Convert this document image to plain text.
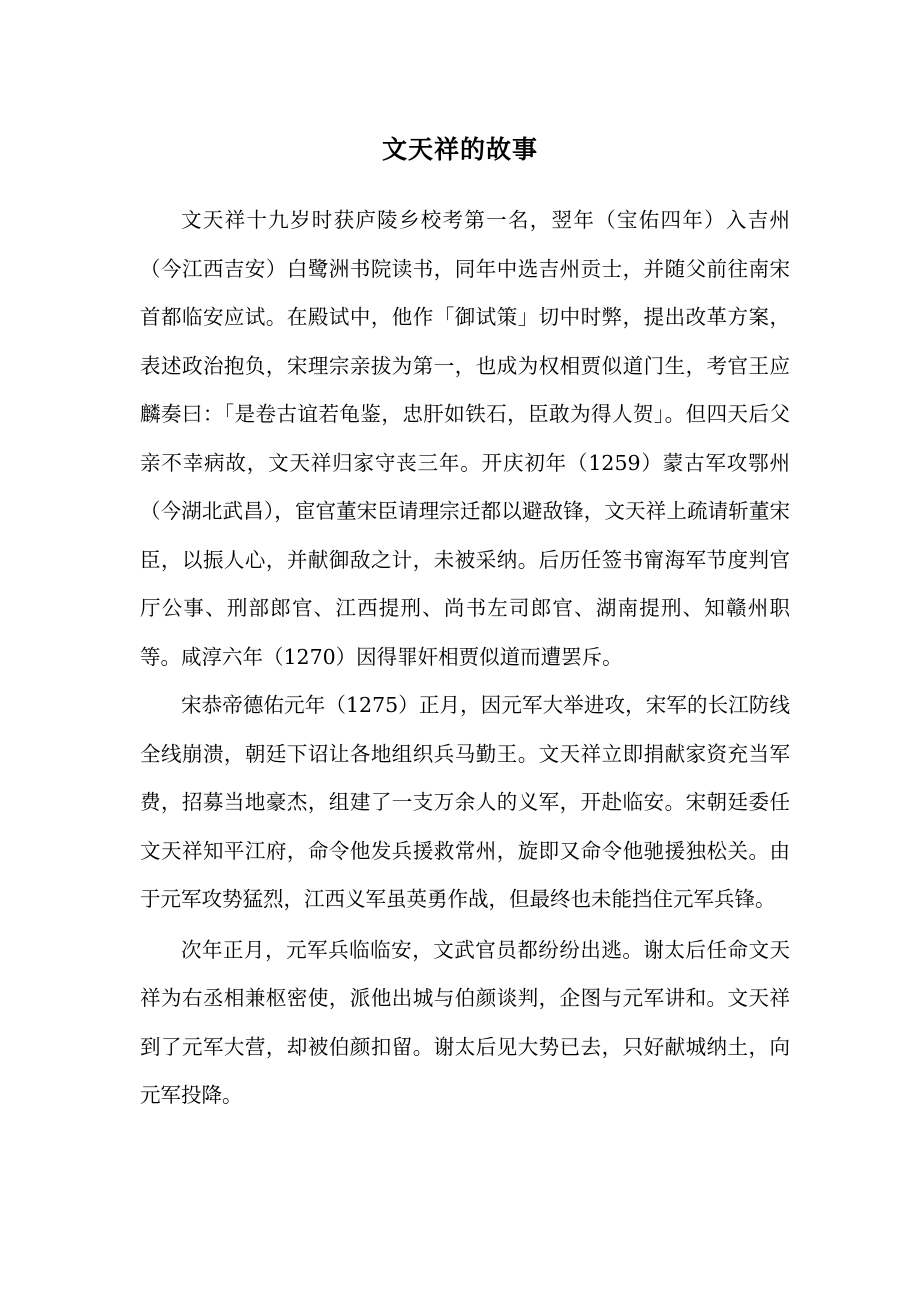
文天祥的故事

文天祥十九岁时获庐陵乡校考第一名，翌年（宝佑四年）入吉州（今江西吉安）白鹭洲书院读书，同年中选吉州贡士，并随父前往南宋首都临安应试。在殿试中，他作「御试策」切中时弊，提出改革方案，表述政治抱负，宋理宗亲拔为第一，也成为权相贾似道门生，考官王应麟奏曰：「是卷古谊若龟鉴，忠肝如铁石，臣敢为得人贺」。但四天后父亲不幸病故，文天祥归家守丧三年。开庆初年（1259）蒙古军攻鄂州（今湖北武昌），宦官董宋臣请理宗迁都以避敌锋，文天祥上疏请斩董宋臣，以振人心，并献御敌之计，未被采纳。后历任签书甯海军节度判官厅公事、刑部郎官、江西提刑、尚书左司郎官、湖南提刑、知赣州职等。咸淳六年（1270）因得罪奸相贾似道而遭罢斥。

宋恭帝德佑元年（1275）正月，因元军大举进攻，宋军的长江防线全线崩溃，朝廷下诏让各地组织兵马勤王。文天祥立即捐献家资充当军费，招募当地豪杰，组建了一支万余人的义军，开赴临安。宋朝廷委任文天祥知平江府，命令他发兵援救常州，旋即又命令他驰援独松关。由于元军攻势猛烈，江西义军虽英勇作战，但最终也未能挡住元军兵锋。

次年正月，元军兵临临安，文武官员都纷纷出逃。谢太后任命文天祥为右丞相兼枢密使，派他出城与伯颜谈判，企图与元军讲和。文天祥到了元军大营，却被伯颜扣留。谢太后见大势已去，只好献城纳土，向元军投降。
